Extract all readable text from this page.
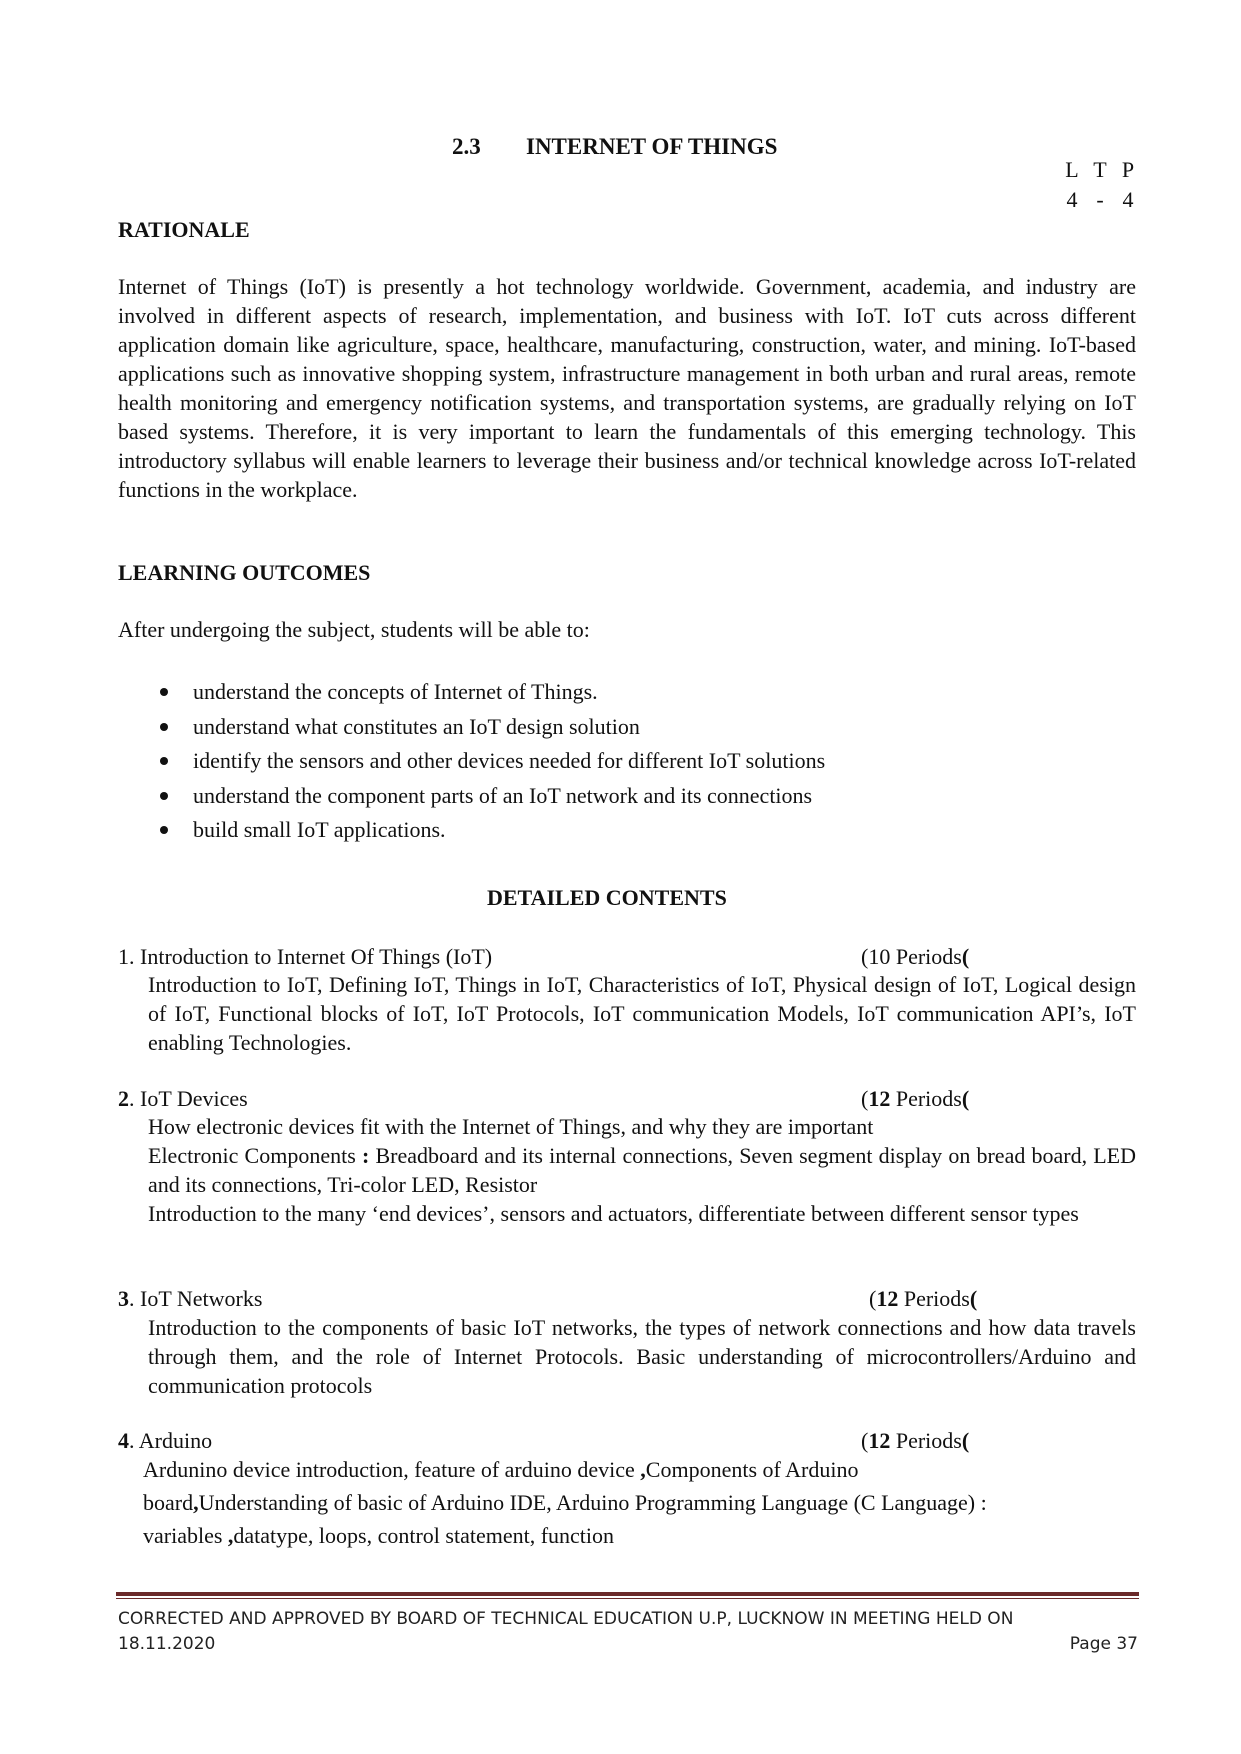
2.3 INTERNET OF THINGS
L T P
4 - 4
RATIONALE
Internet of Things (IoT) is presently a hot technology worldwide. Government, academia, and industry are involved in different aspects of research, implementation, and business with IoT. IoT cuts across different application domain like agriculture, space, healthcare, manufacturing, construction, water, and mining. IoT-based applications such as innovative shopping system, infrastructure management in both urban and rural areas, remote health monitoring and emergency notification systems, and transportation systems, are gradually relying on IoT based systems. Therefore, it is very important to learn the fundamentals of this emerging technology. This introductory syllabus will enable learners to leverage their business and/or technical knowledge across IoT-related functions in the workplace.
LEARNING OUTCOMES
After undergoing the subject, students will be able to:
understand the concepts of Internet of Things.
understand what constitutes an IoT design solution
identify the sensors and other devices needed for different IoT solutions
understand the component parts of an IoT network and its connections
build small IoT applications.
DETAILED CONTENTS
1. Introduction to Internet Of Things (IoT)	(10 Periods(
Introduction to IoT, Defining IoT, Things in IoT, Characteristics of IoT, Physical design of IoT, Logical design of IoT, Functional blocks of IoT, IoT Protocols, IoT communication Models, IoT communication API’s, IoT enabling Technologies.
2. IoT Devices	(12 Periods(
How electronic devices fit with the Internet of Things, and why they are important
Electronic Components : Breadboard and its internal connections, Seven segment display on bread board, LED and its connections, Tri-color LED, Resistor
Introduction to the many ‘end devices’, sensors and actuators, differentiate between different sensor types
3. IoT Networks	(12 Periods(
Introduction to the components of basic IoT networks, the types of network connections and how data travels through them, and the role of Internet Protocols. Basic understanding of microcontrollers/Arduino and communication protocols
4. Arduino	(12 Periods(
Ardunino device introduction, feature of arduino device ,Components of Arduino
board,Understanding of basic of Arduino IDE, Arduino Programming Language (C Language) :
variables ,datatype, loops, control statement, function
CORRECTED AND APPROVED BY BOARD OF TECHNICAL EDUCATION U.P, LUCKNOW IN MEETING HELD ON
18.11.2020	Page 37
